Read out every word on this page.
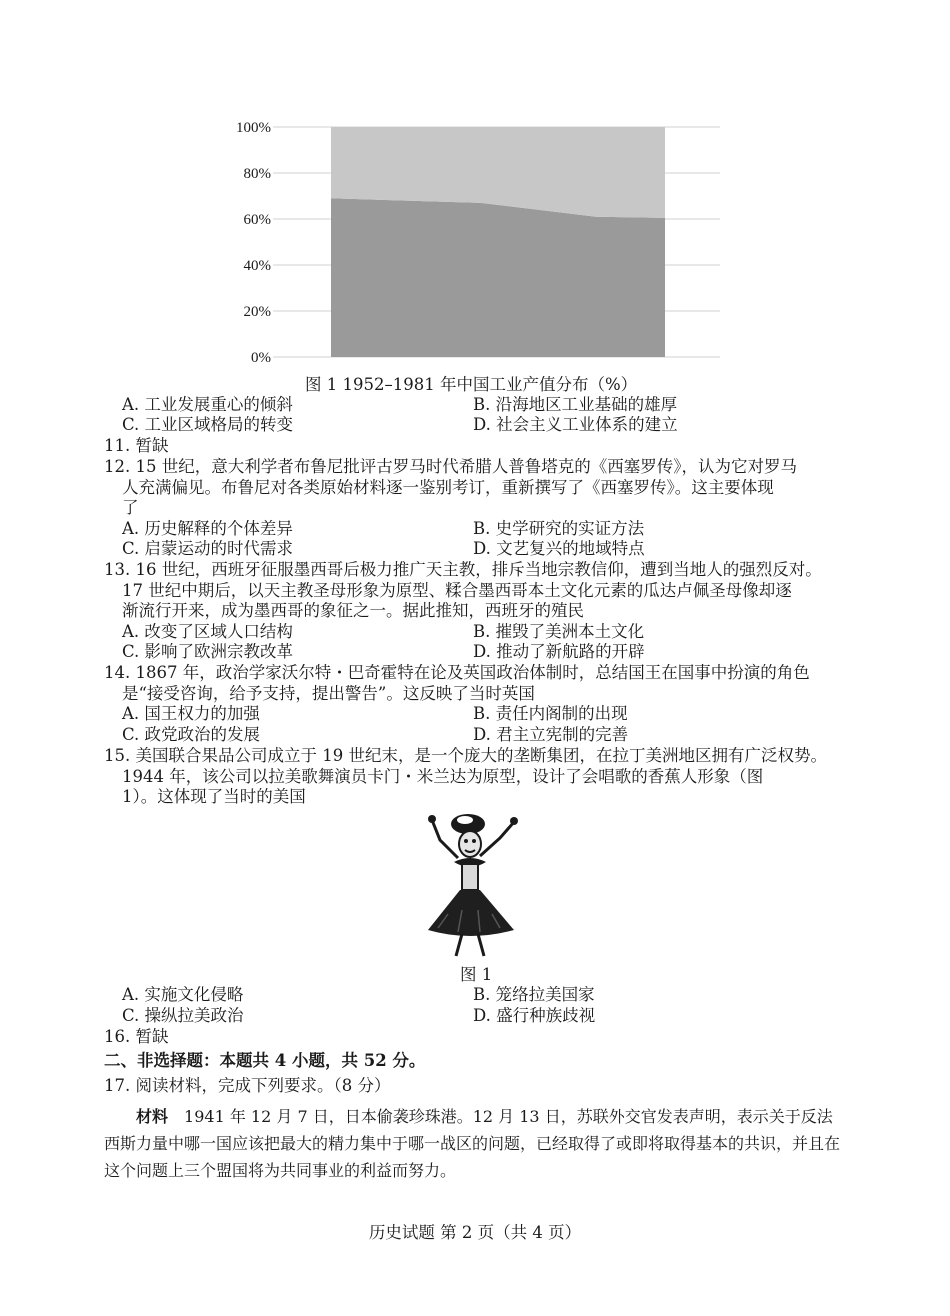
0%
20%
40%
60%
80%
100%
图 1 1952–1981 年中国工业产值分布（%）
A. 工业发展重心的倾斜	B. 沿海地区工业基础的雄厚
C. 工业区域格局的转变	D. 社会主义工业体系的建立
11. 暂缺
12. 15 世纪，意大利学者布鲁尼批评古罗马时代希腊人普鲁塔克的《西塞罗传》，认为它对罗马
人充满偏见。布鲁尼对各类原始材料逐一鉴别考订，重新撰写了《西塞罗传》。这主要体现
了
A. 历史解释的个体差异	B. 史学研究的实证方法
C. 启蒙运动的时代需求	D. 文艺复兴的地域特点
13. 16 世纪，西班牙征服墨西哥后极力推广天主教，排斥当地宗教信仰，遭到当地人的强烈反对。
17 世纪中期后，以天主教圣母形象为原型、糅合墨西哥本土文化元素的瓜达卢佩圣母像却逐
渐流行开来，成为墨西哥的象征之一。据此推知，西班牙的殖民
A. 改变了区域人口结构	B. 摧毁了美洲本土文化
C. 影响了欧洲宗教改革	D. 推动了新航路的开辟
14. 1867 年，政治学家沃尔特・巴奇霍特在论及英国政治体制时，总结国王在国事中扮演的角色
是“接受咨询，给予支持，提出警告”。这反映了当时英国
A. 国王权力的加强	B. 责任内阁制的出现
C. 政党政治的发展	D. 君主立宪制的完善
15. 美国联合果品公司成立于 19 世纪末，是一个庞大的垄断集团，在拉丁美洲地区拥有广泛权势。
1944 年，该公司以拉美歌舞演员卡门・米兰达为原型，设计了会唱歌的香蕉人形象（图
1）。这体现了当时的美国
图 1
A. 实施文化侵略	B. 笼络拉美国家
C. 操纵拉美政治	D. 盛行种族歧视
16. 暂缺
二、非选择题：本题共 4 小题，共 52 分。
17. 阅读材料，完成下列要求。（8 分）
材料　 1941 年 12 月 7 日，日本偷袭珍珠港。12 月 13 日，苏联外交官发表声明，表示关于反法西斯力量中哪一国应该把最大的精力集中于哪一战区的问题，已经取得了或即将取得基本的共识，并且在这个问题上三个盟国将为共同事业的利益而努力。
历史试题 第 2 页（共 4 页）
